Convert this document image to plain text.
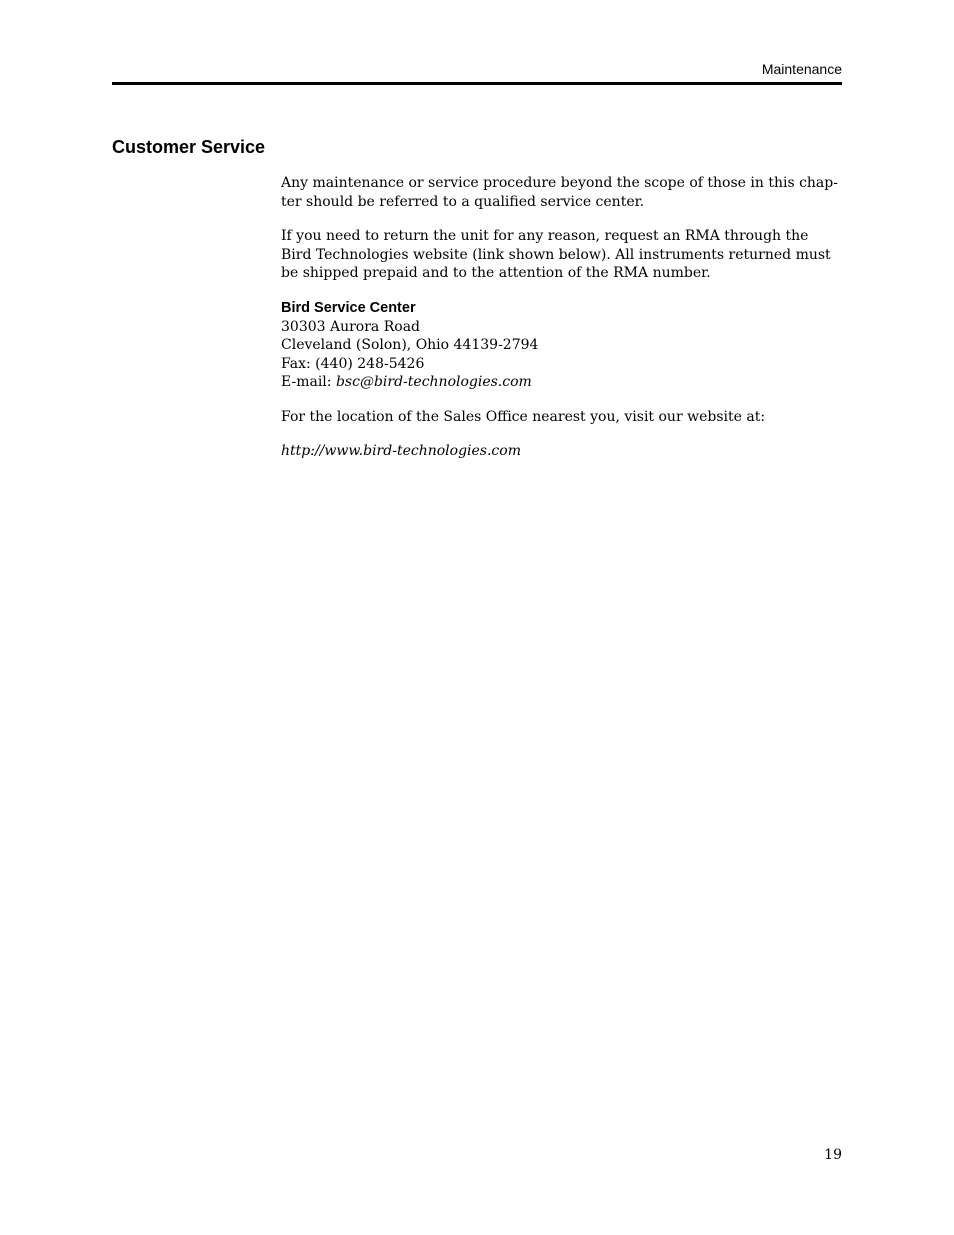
Maintenance
Customer Service

Any maintenance or service procedure beyond the scope of those in this chap-
ter should be referred to a qualified service center.

If you need to return the unit for any reason, request an RMA through the
Bird Technologies website (link shown below). All instruments returned must
be shipped prepaid and to the attention of the RMA number.

Bird Service Center
30303 Aurora Road
Cleveland (Solon), Ohio 44139-2794
Fax: (440) 248-5426
E-mail: bsc@bird-technologies.com

For the location of the Sales Office nearest you, visit our website at:

http://www.bird-technologies.com

19
